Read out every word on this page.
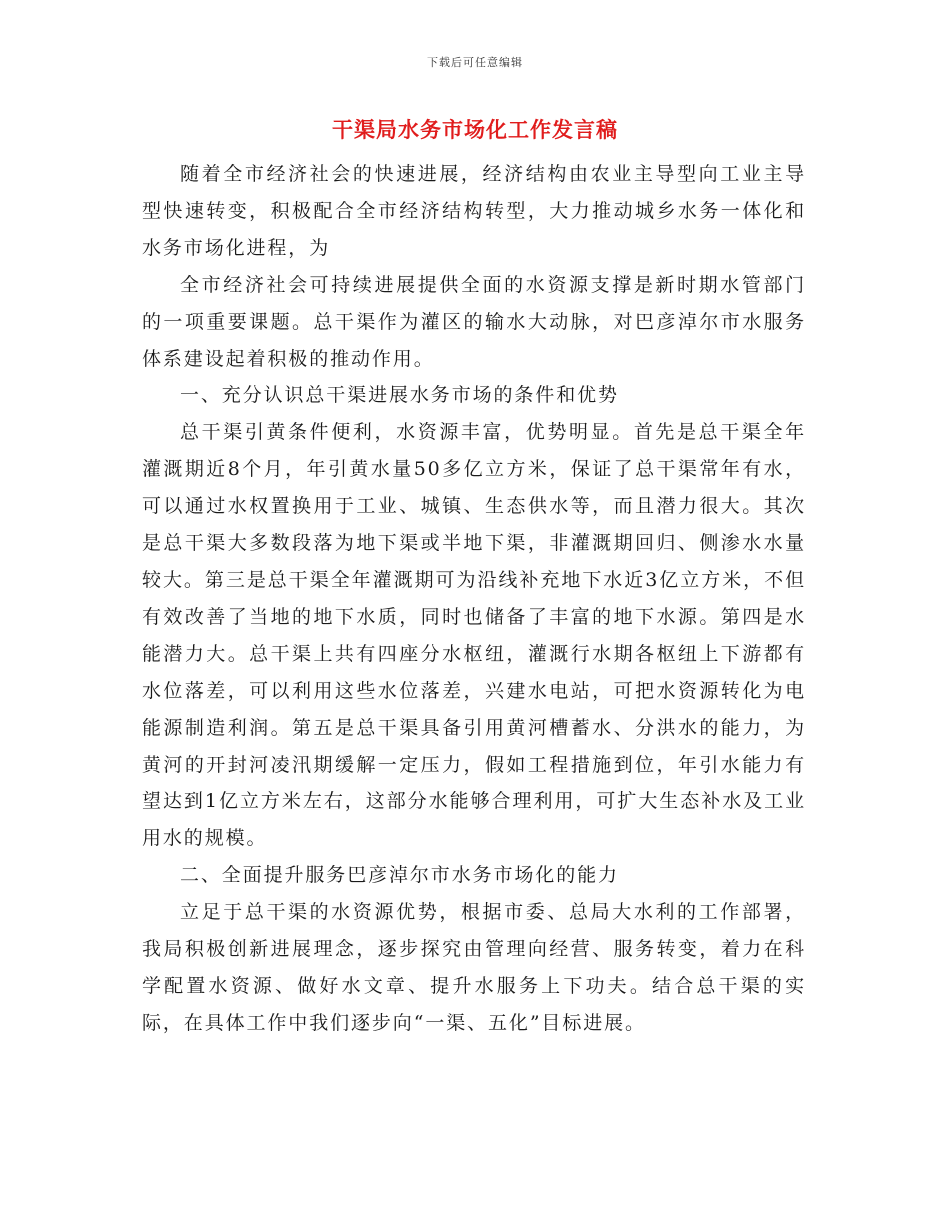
下载后可任意编辑
干渠局水务市场化工作发言稿

随着全市经济社会的快速进展，经济结构由农业主导型向工业主导型快速转变，积极配合全市经济结构转型，大力推动城乡水务一体化和水务市场化进程，为

全市经济社会可持续进展提供全面的水资源支撑是新时期水管部门的一项重要课题。总干渠作为灌区的输水大动脉，对巴彦淖尔市水服务体系建设起着积极的推动作用。

一、充分认识总干渠进展水务市场的条件和优势

总干渠引黄条件便利，水资源丰富，优势明显。首先是总干渠全年灌溉期近8个月，年引黄水量50多亿立方米，保证了总干渠常年有水，可以通过水权置换用于工业、城镇、生态供水等，而且潜力很大。其次是总干渠大多数段落为地下渠或半地下渠，非灌溉期回归、侧渗水水量较大。第三是总干渠全年灌溉期可为沿线补充地下水近3亿立方米，不但有效改善了当地的地下水质，同时也储备了丰富的地下水源。第四是水能潜力大。总干渠上共有四座分水枢纽，灌溉行水期各枢纽上下游都有水位落差，可以利用这些水位落差，兴建水电站，可把水资源转化为电能源制造利润。第五是总干渠具备引用黄河槽蓄水、分洪水的能力，为黄河的开封河凌汛期缓解一定压力，假如工程措施到位，年引水能力有望达到1亿立方米左右，这部分水能够合理利用，可扩大生态补水及工业用水的规模。

二、全面提升服务巴彦淖尔市水务市场化的能力

立足于总干渠的水资源优势，根据市委、总局大水利的工作部署，我局积极创新进展理念，逐步探究由管理向经营、服务转变，着力在科学配置水资源、做好水文章、提升水服务上下功夫。结合总干渠的实际，在具体工作中我们逐步向“一渠、五化”目标进展。
